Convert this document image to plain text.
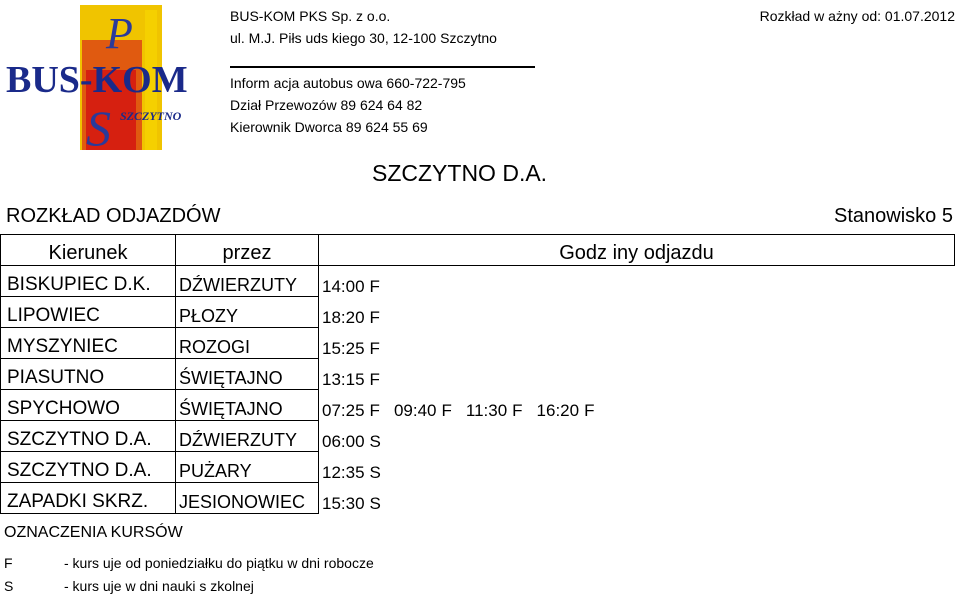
P
BUS-KOM
S SZCZYTNO
BUS-KOM PKS Sp. z o.o.
ul. M.J. Piłs uds kiego 30, 12-100 Szczytno
Inform acja autobus owa 660-722-795
Dział Przewozów 89 624 64 82
Kierownik Dworca 89 624 55 69
Rozkład w ażny od: 01.07.2012
SZCZYTNO D.A.
ROZKŁAD ODJAZDÓW	Stanowisko 5
Kierunek	przez	Godz iny odjazdu
BISKUPIEC D.K.	DŹWIERZUTY	14:00 F
LIPOWIEC	PŁOZY	18:20 F
MYSZYNIEC	ROZOGI	15:25 F
PIASUTNO	ŚWIĘTAJNO	13:15 F
SPYCHOWO	ŚWIĘTAJNO	07:25 F 09:40 F 11:30 F 16:20 F
SZCZYTNO D.A.	DŹWIERZUTY	06:00 S
SZCZYTNO D.A.	PUŻARY	12:35 S
ZAPADKI SKRZ.	JESIONOWIEC	15:30 S
OZNACZENIA KURSÓW
F	- kurs uje od poniedziałku do piątku w dni robocze
S	- kurs uje w dni nauki s zkolnej
